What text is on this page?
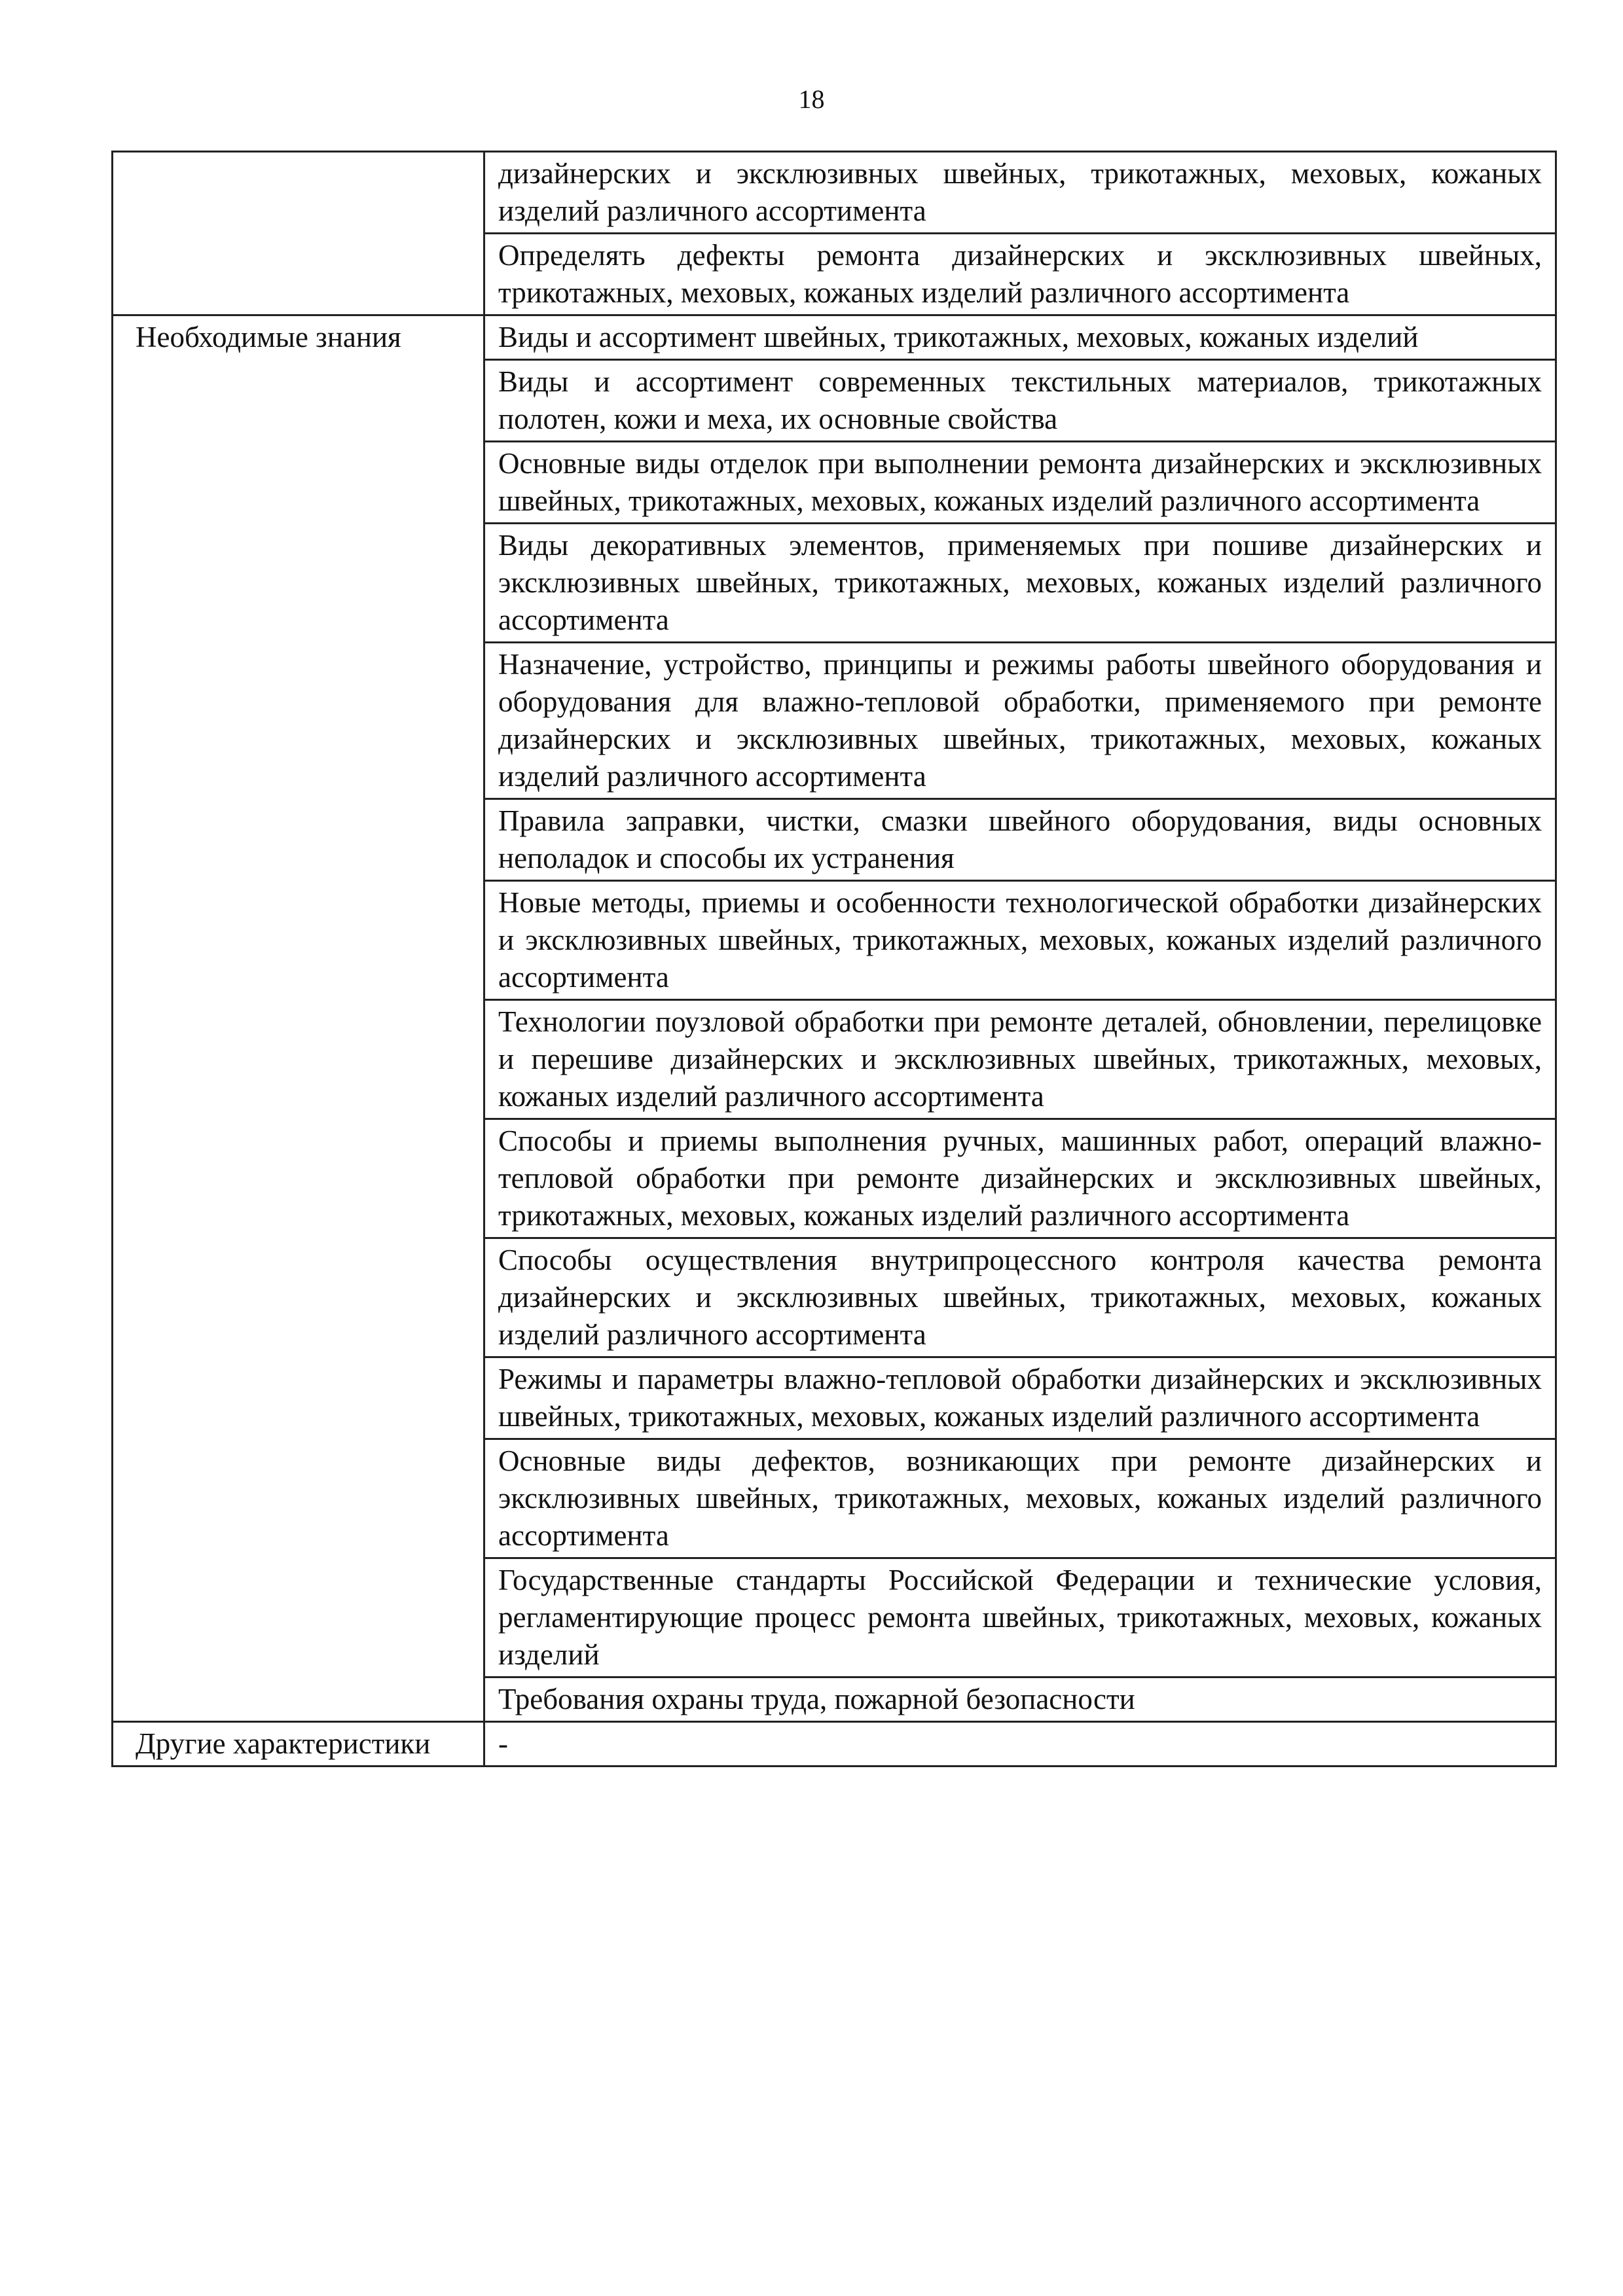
18
	дизайнерских и эксклюзивных швейных, трикотажных, меховых, кожаных изделий различного ассортимента
	Определять дефекты ремонта дизайнерских и эксклюзивных швейных, трикотажных, меховых, кожаных изделий различного ассортимента
Необходимые знания	Виды и ассортимент швейных, трикотажных, меховых, кожаных изделий
	Виды и ассортимент современных текстильных материалов, трикотажных полотен, кожи и меха, их основные свойства
	Основные виды отделок при выполнении ремонта дизайнерских и эксклюзивных швейных, трикотажных, меховых, кожаных изделий различного ассортимента
	Виды декоративных элементов, применяемых при пошиве дизайнерских и эксклюзивных швейных, трикотажных, меховых, кожаных изделий различного ассортимента
	Назначение, устройство, принципы и режимы работы швейного оборудования и оборудования для влажно-тепловой обработки, применяемого при ремонте дизайнерских и эксклюзивных швейных, трикотажных, меховых, кожаных изделий различного ассортимента
	Правила заправки, чистки, смазки швейного оборудования, виды основных неполадок и способы их устранения
	Новые методы, приемы и особенности технологической обработки дизайнерских и эксклюзивных швейных, трикотажных, меховых, кожаных изделий различного ассортимента
	Технологии поузловой обработки при ремонте деталей, обновлении, перелицовке и перешиве дизайнерских и эксклюзивных швейных, трикотажных, меховых, кожаных изделий различного ассортимента
	Способы и приемы выполнения ручных, машинных работ, операций влажно-тепловой обработки при ремонте дизайнерских и эксклюзивных швейных, трикотажных, меховых, кожаных изделий различного ассортимента
	Способы осуществления внутрипроцессного контроля качества ремонта дизайнерских и эксклюзивных швейных, трикотажных, меховых, кожаных изделий различного ассортимента
	Режимы и параметры влажно-тепловой обработки дизайнерских и эксклюзивных швейных, трикотажных, меховых, кожаных изделий различного ассортимента
	Основные виды дефектов, возникающих при ремонте дизайнерских и эксклюзивных швейных, трикотажных, меховых, кожаных изделий различного ассортимента
	Государственные стандарты Российской Федерации и технические условия, регламентирующие процесс ремонта швейных, трикотажных, меховых, кожаных изделий
	Требования охраны труда, пожарной безопасности
Другие характеристики	-
